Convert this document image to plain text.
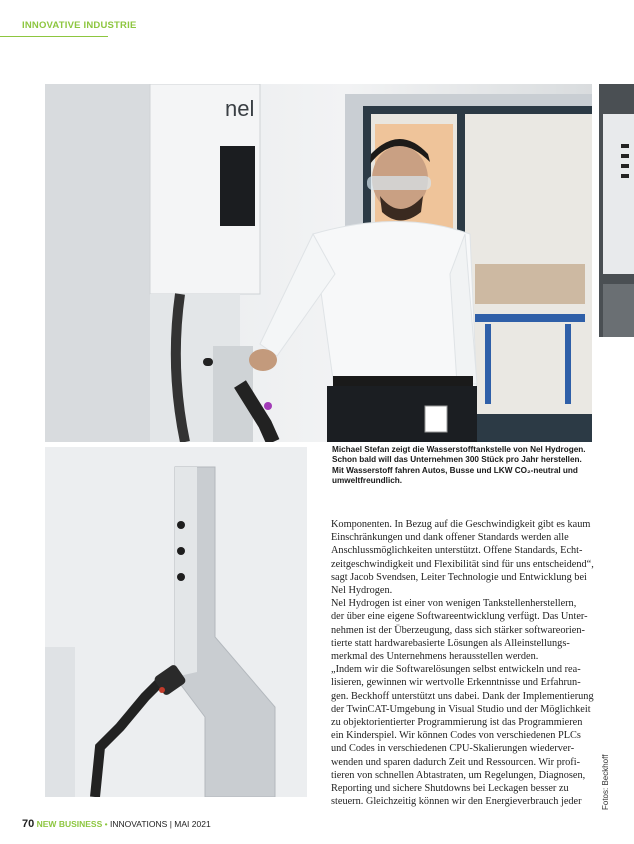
INNOVATIVE INDUSTRIE
nel
Michael Stefan zeigt die Wasserstofftankstelle von Nel Hydrogen.
Schon bald will das Unternehmen 300 Stück pro Jahr herstellen.
Mit Wasserstoff fahren Autos, Busse und LKW CO₂-neutral und
umweltfreundlich.
Komponenten. In Bezug auf die Geschwindigkeit gibt es kaum
Einschränkungen und dank offener Standards werden alle
Anschlussmöglichkeiten unterstützt. Offene Standards, Echt-
zeitgeschwindigkeit und Flexibilität sind für uns entscheidend“,
sagt Jacob Svendsen, Leiter Technologie und Entwicklung bei
Nel Hydrogen.
Nel Hydrogen ist einer von wenigen Tankstellenherstellern,
der über eine eigene Softwareentwicklung verfügt. Das Unter-
nehmen ist der Überzeugung, dass sich stärker softwareorien-
tierte statt hardwarebasierte Lösungen als Alleinstellungs-
merkmal des Unternehmens herausstellen werden.
„Indem wir die Softwarelösungen selbst entwickeln und rea-
lisieren, gewinnen wir wertvolle Erkenntnisse und Erfahrun-
gen. Beckhoff unterstützt uns dabei. Dank der Implementierung
der TwinCAT-Umgebung in Visual Studio und der Möglichkeit
zu objektorientierter Programmierung ist das Programmieren
ein Kinderspiel. Wir können Codes von verschiedenen PLCs
und Codes in verschiedenen CPU-Skalierungen wiederver-
wenden und sparen dadurch Zeit und Ressourcen. Wir profi-
tieren von schnellen Abtastraten, um Regelungen, Diagnosen,
Reporting und sichere Shutdowns bei Leckagen besser zu
steuern. Gleichzeitig können wir den Energieverbrauch jeder	Fotos: Beckhoff
70 NEW BUSINESS • INNOVATIONS | MAI 2021
